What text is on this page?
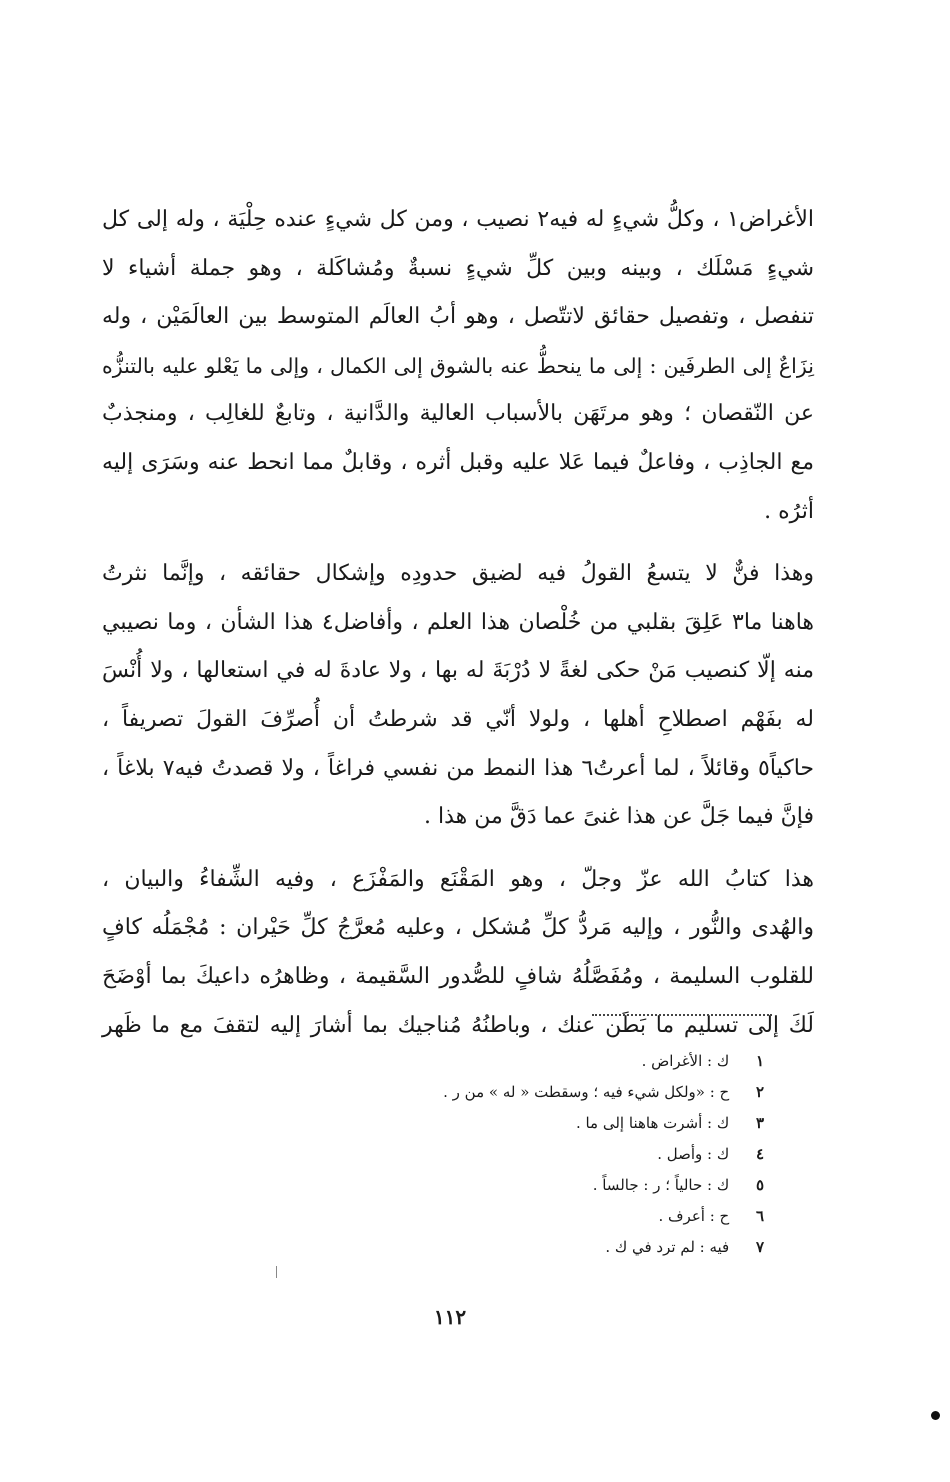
الأغراض١ ، وكلُّ شيءٍ له فيه٢ نصيب ، ومن كل شيءٍ عنده حِلْيَة ، وله إلى كل
شيءٍ مَسْلَك ، وبينه وبين كلِّ شيءٍ نسبةٌ ومُشاكَلة ، وهو جملة أشياء لا
تنفصل ، وتفصيل حقائق لاتتّصل ، وهو أبُ العالَم المتوسط بين العالَمَيْن ، وله
نِزَاعٌ إلى الطرفَين : إلى ما ينحطُّ عنه بالشوق إلى الكمال ، وإلى ما يَعْلو عليه بالتنزُّه
عن النّقصان ؛ وهو مرتَهَن بالأسباب العالية والدَّانية ، وتابعٌ للغالِب ، ومنجذبٌ
مع الجاذِب ، وفاعلٌ فيما عَلا عليه وقبل أثره ، وقابلٌ مما انحط عنه وسَرَى إليه
أثرُه .

وهذا فنٌّ لا يتسعُ القولُ فيه لضيق حدودِه وإشكال حقائقه ، وإنَّما نثرتُ
هاهنا ما٣ عَلِقَ بقلبي من خُلْصان هذا العلم ، وأفاضل٤ هذا الشأن ، وما نصيبي
منه إلّا كنصيب مَنْ حكى لغةً لا دُرْبَةَ له بها ، ولا عادةَ له في استعالها ، ولا أُنْسَ
له بفَهْم اصطلاحِ أهلها ، ولولا أنّي قد شرطتُ أن أُصرِّفَ القولَ تصريفاً ،
حاكياً٥ وقائلاً ، لما أعرتُ٦ هذا النمط من نفسي فراغاً ، ولا قصدتُ فيه٧ بلاغاً ،
فإنَّ فيما جَلَّ عن هذا غنىً عما دَقَّ من هذا .

هذا كتابُ الله عزّ وجلّ ، وهو المَقْنَع والمَفْزَع ، وفيه الشِّفاءُ والبيان ،
والهُدى والنُّور ، وإليه مَردُّ كلِّ مُشكل ، وعليه مُعرَّجُ كلِّ حَيْران : مُجْمَلُه كافٍ
للقلوب السليمة ، ومُفَصَّلُهُ شافٍ للصُّدور السَّقيمة ، وظاهرُه داعيكَ بما أوْضَحَ
لَكَ إلى تسليم ما بَطَن عنك ، وباطنُهُ مُناجيك بما أشارَ إليه لتقفَ مع ما ظَهر

١ ك : الأغراض .
٢ ح : «ولكل شيء فيه ؛ وسقطت « له » من ر .
٣ ك : أشرت هاهنا إلى ما .
٤ ك : وأصل .
٥ ك : حالياً ؛ ر : جالساً .
٦ ح : أعرف .
٧ فيه : لم ترد في ك .
١١٢
